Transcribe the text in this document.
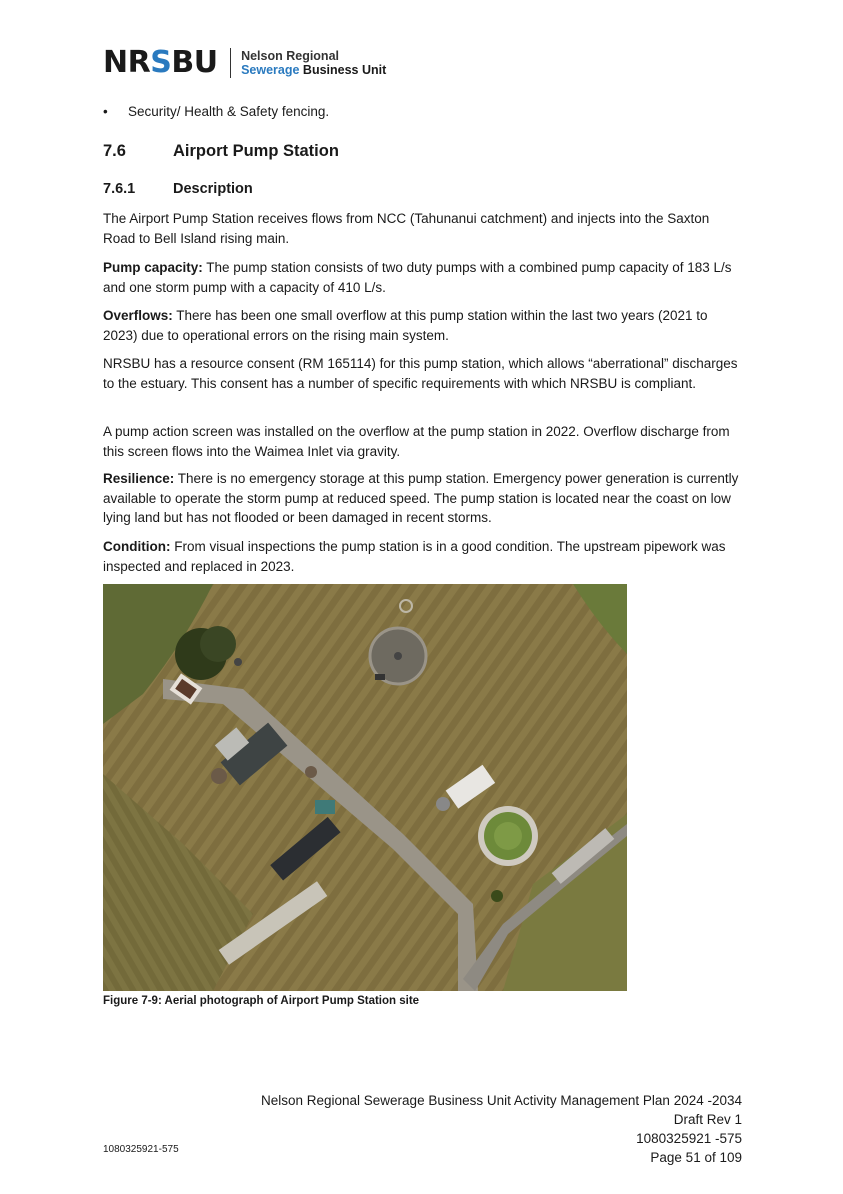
NRSBU Nelson Regional
Sewerage Business Unit
•	Security/ Health & Safety fencing.
7.6	Airport Pump Station
7.6.1	Description

The Airport Pump Station receives flows from NCC (Tahunanui catchment) and injects into the Saxton Road to Bell Island rising main.

Pump capacity: The pump station consists of two duty pumps with a combined pump capacity of 183 L/s and one storm pump with a capacity of 410 L/s.

Overflows: There has been one small overflow at this pump station within the last two years (2021 to 2023) due to operational errors on the rising main system.

NRSBU has a resource consent (RM 165114) for this pump station, which allows “aberrational” discharges to the estuary. This consent has a number of specific requirements with which NRSBU is compliant.

A pump action screen was installed on the overflow at the pump station in 2022. Overflow discharge from this screen flows into the Waimea Inlet via gravity.

Resilience: There is no emergency storage at this pump station. Emergency power generation is currently available to operate the storm pump at reduced speed. The pump station is located near the coast on low lying land but has not flooded or been damaged in recent storms.

Condition: From visual inspections the pump station is in a good condition. The upstream pipework was inspected and replaced in 2023.

Figure 7-9: Aerial photograph of Airport Pump Station site
Nelson Regional Sewerage Business Unit Activity Management Plan 2024 -2034
Draft Rev 1
1080325921 -575
Page 51 of 109
1080325921-575
